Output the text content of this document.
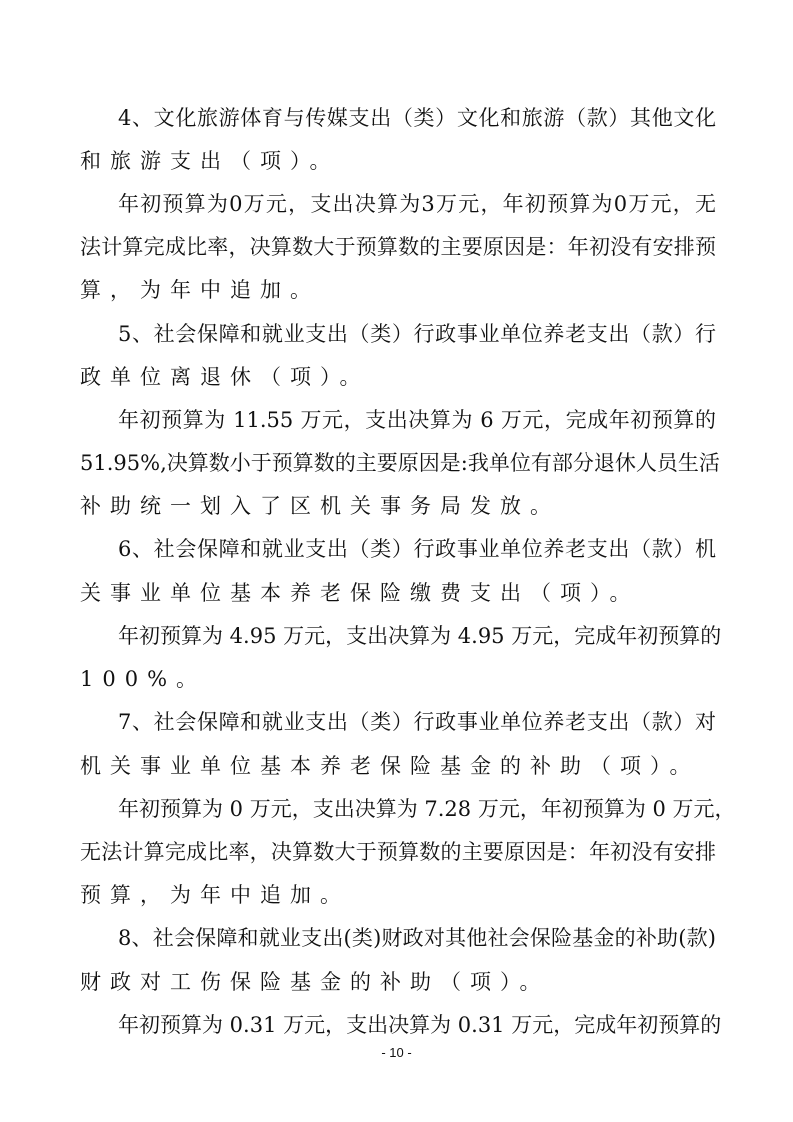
4、文化旅游体育与传媒支出（类）文化和旅游（款）其他文化
和旅游支出（项）。
年初预算为0万元，支出决算为3万元，年初预算为0万元，无
法计算完成比率，决算数大于预算数的主要原因是：年初没有安排预
算，为年中追加。
5、社会保障和就业支出（类）行政事业单位养老支出（款）行
政单位离退休（项）。
年初预算为 11.55 万元，支出决算为 6 万元，完成年初预算的
51.95%,决算数小于预算数的主要原因是:我单位有部分退休人员生活
补助统一划入了区机关事务局发放。
6、社会保障和就业支出（类）行政事业单位养老支出（款）机
关事业单位基本养老保险缴费支出（项）。
年初预算为 4.95 万元，支出决算为 4.95 万元，完成年初预算的
100%。
7、社会保障和就业支出（类）行政事业单位养老支出（款）对
机关事业单位基本养老保险基金的补助（项）。
年初预算为 0 万元，支出决算为 7.28 万元，年初预算为 0 万元，
无法计算完成比率，决算数大于预算数的主要原因是：年初没有安排
预算，为年中追加。
8、社会保障和就业支出(类)财政对其他社会保险基金的补助(款)
财政对工伤保险基金的补助（项）。
年初预算为 0.31 万元，支出决算为 0.31 万元，完成年初预算的
- 10 -
